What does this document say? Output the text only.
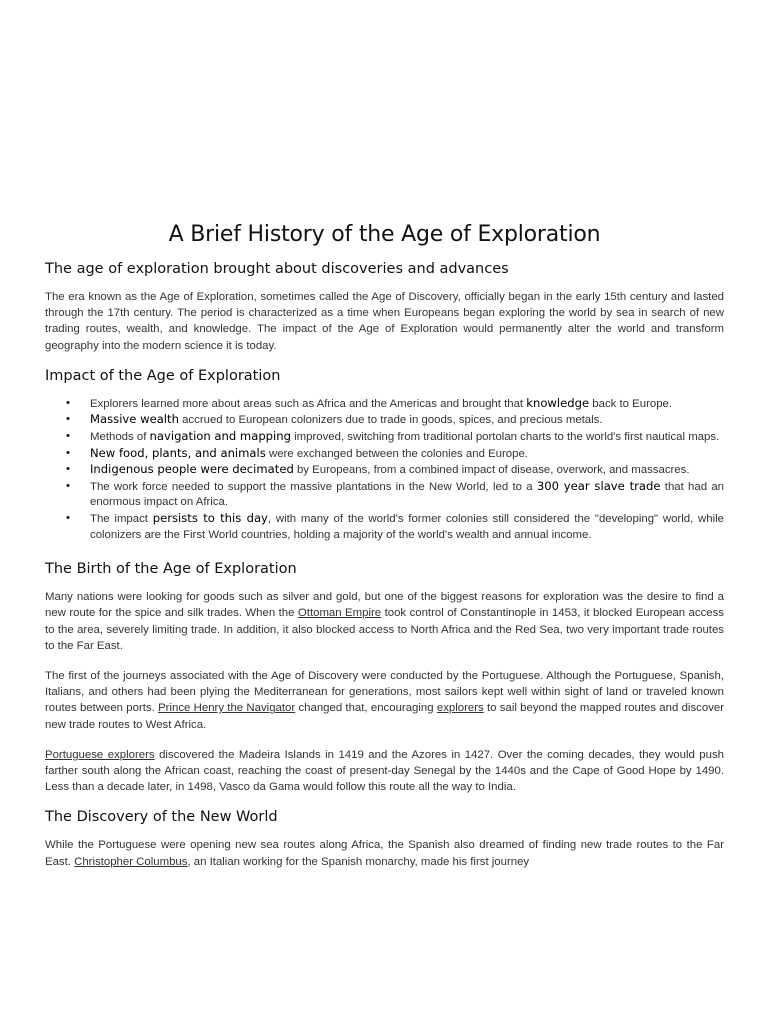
A Brief History of the Age of Exploration
The age of exploration brought about discoveries and advances

The era known as the Age of Exploration, sometimes called the Age of Discovery, officially began in the early 15th century and lasted through the 17th century. The period is characterized as a time when Europeans began exploring the world by sea in search of new trading routes, wealth, and knowledge. The impact of the Age of Exploration would permanently alter the world and transform geography into the modern science it is today.

Impact of the Age of Exploration
• Explorers learned more about areas such as Africa and the Americas and brought that knowledge back to Europe.
• Massive wealth accrued to European colonizers due to trade in goods, spices, and precious metals.
• Methods of navigation and mapping improved, switching from traditional portolan charts to the world's first nautical maps.
• New food, plants, and animals were exchanged between the colonies and Europe.
• Indigenous people were decimated by Europeans, from a combined impact of disease, overwork, and massacres.
• The work force needed to support the massive plantations in the New World, led to a 300 year slave trade that had an enormous impact on Africa.
• The impact persists to this day, with many of the world's former colonies still considered the "developing" world, while colonizers are the First World countries, holding a majority of the world's wealth and annual income.
The Birth of the Age of Exploration

Many nations were looking for goods such as silver and gold, but one of the biggest reasons for exploration was the desire to find a new route for the spice and silk trades. When the Ottoman Empire took control of Constantinople in 1453, it blocked European access to the area, severely limiting trade. In addition, it also blocked access to North Africa and the Red Sea, two very important trade routes to the Far East.

The first of the journeys associated with the Age of Discovery were conducted by the Portuguese. Although the Portuguese, Spanish, Italians, and others had been plying the Mediterranean for generations, most sailors kept well within sight of land or traveled known routes between ports. Prince Henry the Navigator changed that, encouraging explorers to sail beyond the mapped routes and discover new trade routes to West Africa.

Portuguese explorers discovered the Madeira Islands in 1419 and the Azores in 1427. Over the coming decades, they would push farther south along the African coast, reaching the coast of present-day Senegal by the 1440s and the Cape of Good Hope by 1490. Less than a decade later, in 1498, Vasco da Gama would follow this route all the way to India.

The Discovery of the New World

While the Portuguese were opening new sea routes along Africa, the Spanish also dreamed of finding new trade routes to the Far East. Christopher Columbus, an Italian working for the Spanish monarchy, made his first journey
